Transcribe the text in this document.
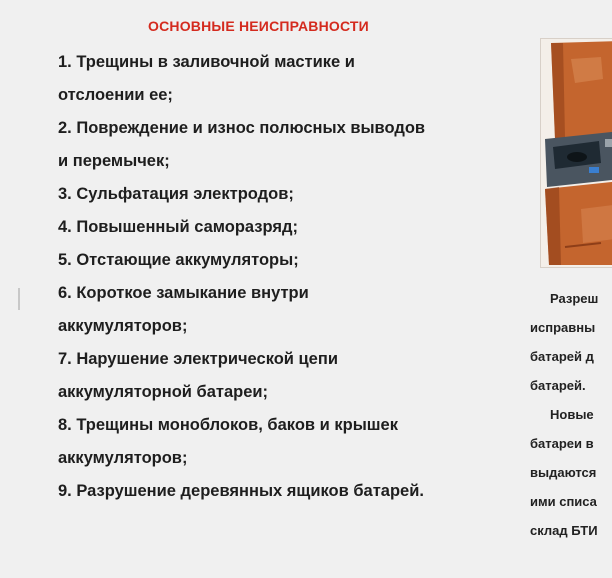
ОСНОВНЫЕ НЕИСПРАВНОСТИ
1. Трещины в заливочной мастике и
отслоении ее;
2. Повреждение и износ полюсных выводов
и перемычек;
3. Сульфатация электродов;
4. Повышенный саморазряд;
5. Отстающие аккумуляторы;
6. Короткое замыкание внутри
аккумуляторов;
7. Нарушение электрической цепи
аккумуляторной батареи;
8. Трещины моноблоков, баков и крышек
аккумуляторов;
9. Разрушение деревянных ящиков батарей.
Разреш
исправны
батарей д
батарей.
Новые
батареи в
выдаются
ими списа
склад БТИ
